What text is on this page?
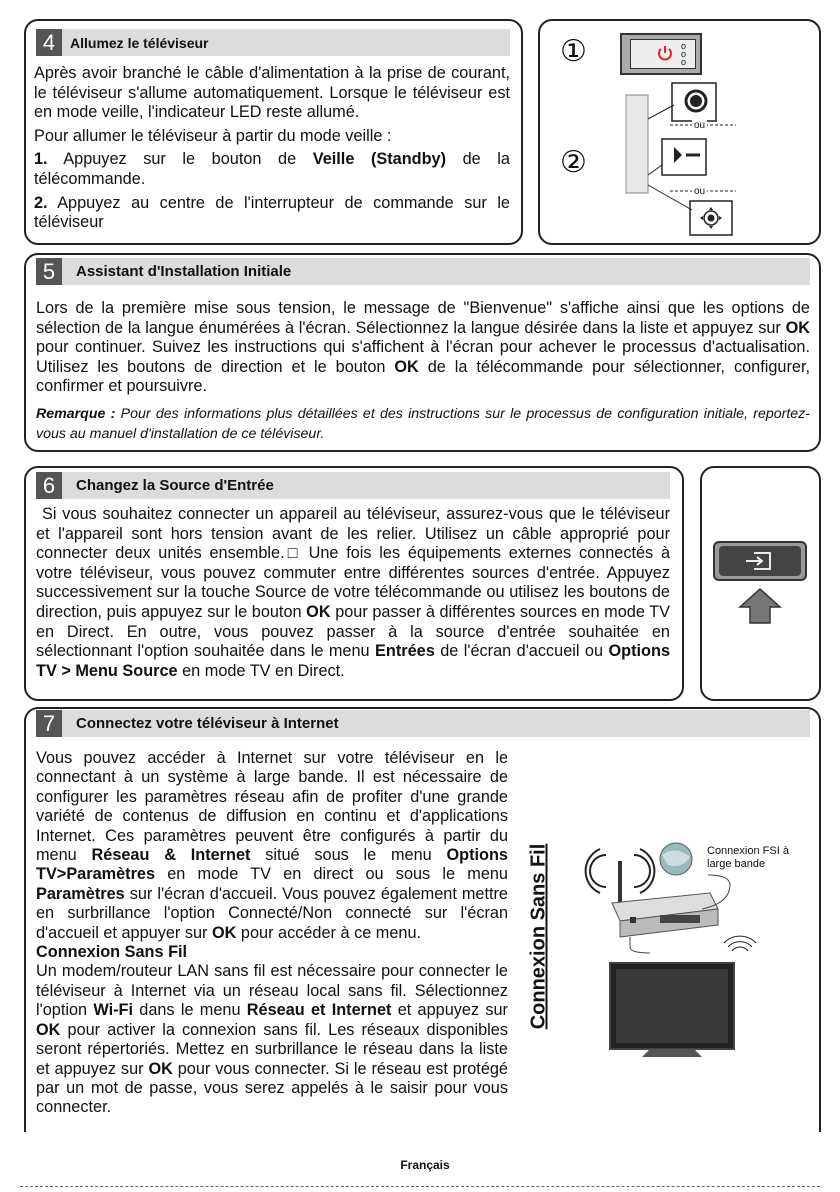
4	Allumez le téléviseur

Après avoir branché le câble d'alimentation à la prise de courant, le téléviseur s'allume automatiquement. Lorsque le téléviseur est en mode veille, l'indicateur LED reste allumé.

Pour allumer le téléviseur à partir du mode veille :

1. Appuyez sur le bouton de Veille (Standby) de la télécommande.

2. Appuyez au centre de l'interrupteur de commande sur le téléviseur

①
②
o
o
o
ou
ou
5	Assistant d'Installation Initiale

Lors de la première mise sous tension, le message de "Bienvenue" s'affiche ainsi que les options de sélection de la langue énumérées à l'écran. Sélectionnez la langue désirée dans la liste et appuyez sur OK pour continuer. Suivez les instructions qui s'affichent à l'écran pour achever le processus d'actualisation. Utilisez les boutons de direction et le bouton OK de la télécommande pour sélectionner, configurer, confirmer et poursuivre.

Remarque : Pour des informations plus détaillées et des instructions sur le processus de configuration initiale, reportez-vous au manuel d'installation de ce téléviseur.

6	Changez la Source d'Entrée

Si vous souhaitez connecter un appareil au téléviseur, assurez-vous que le téléviseur et l'appareil sont hors tension avant de les relier. Utilisez un câble approprié pour connecter deux unités ensemble.□ Une fois les équipements externes connectés à votre téléviseur, vous pouvez commuter entre différentes sources d'entrée. Appuyez successivement sur la touche Source de votre télécommande ou utilisez les boutons de direction, puis appuyez sur le bouton OK pour passer à différentes sources en mode TV en Direct. En outre, vous pouvez passer à la source d'entrée souhaitée en sélectionnant l'option souhaitée dans le menu Entrées de l'écran d'accueil ou Options TV > Menu Source en mode TV en Direct.

7	Connectez votre téléviseur à Internet

Vous pouvez accéder à Internet sur votre téléviseur en le connectant à un système à large bande. Il est nécessaire de configurer les paramètres réseau afin de profiter d'une grande variété de contenus de diffusion en continu et d'applications Internet. Ces paramètres peuvent être configurés à partir du menu Réseau & Internet situé sous le menu Options TV>Paramètres en mode TV en direct ou sous le menu Paramètres sur l'écran d'accueil. Vous pouvez également mettre en surbrillance l'option Connecté/Non connecté sur l'écran d'accueil et appuyer sur OK pour accéder à ce menu.

Connexion Sans Fil

Un modem/routeur LAN sans fil est nécessaire pour connecter le téléviseur à Internet via un réseau local sans fil. Sélectionnez l'option Wi-Fi dans le menu Réseau et Internet et appuyez sur OK pour activer la connexion sans fil. Les réseaux disponibles seront répertoriés. Mettez en surbrillance le réseau dans la liste et appuyez sur OK pour vous connecter. Si le réseau est protégé par un mot de passe, vous serez appelés à le saisir pour vous connecter.

Connexion Sans Fil	Connexion FSI à large bande
Français
